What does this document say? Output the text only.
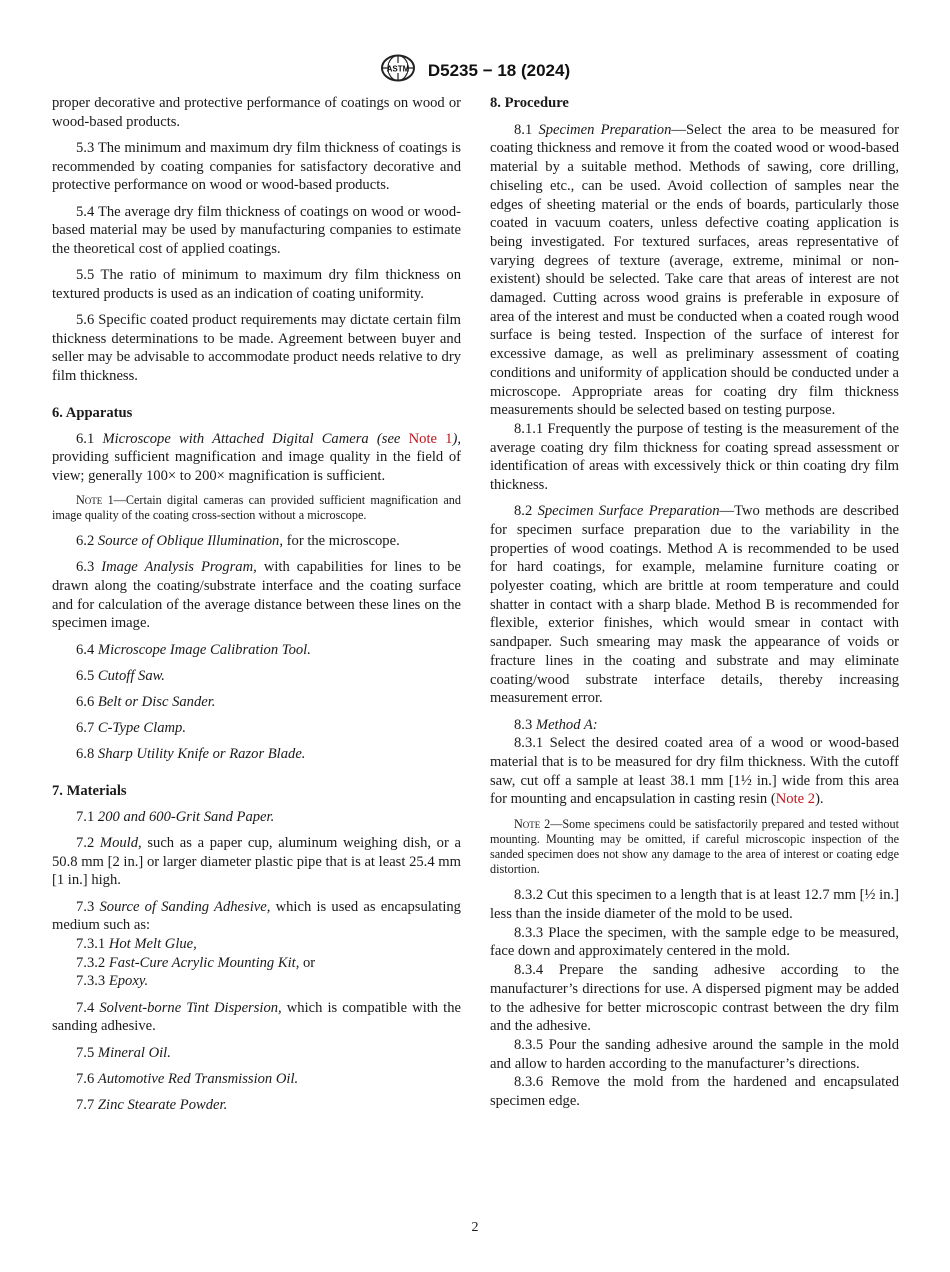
ASTM D5235 − 18 (2024)

proper decorative and protective performance of coatings on wood or wood-based products.

5.3 The minimum and maximum dry film thickness of coatings is recommended by coating companies for satisfactory decorative and protective performance on wood or wood-based products.

5.4 The average dry film thickness of coatings on wood or wood-based material may be used by manufacturing companies to estimate the theoretical cost of applied coatings.

5.5 The ratio of minimum to maximum dry film thickness on textured products is used as an indication of coating uniformity.

5.6 Specific coated product requirements may dictate certain film thickness determinations to be made. Agreement between buyer and seller may be advisable to accommodate product needs relative to dry film thickness.

6. Apparatus

6.1 Microscope with Attached Digital Camera (see Note 1), providing sufficient magnification and image quality in the field of view; generally 100× to 200× magnification is sufficient.

Note 1—Certain digital cameras can provided sufficient magnification and image quality of the coating cross-section without a microscope.

6.2 Source of Oblique Illumination, for the microscope.

6.3 Image Analysis Program, with capabilities for lines to be drawn along the coating/substrate interface and the coating surface and for calculation of the average distance between these lines on the specimen image.

6.4 Microscope Image Calibration Tool.

6.5 Cutoff Saw.

6.6 Belt or Disc Sander.

6.7 C-Type Clamp.

6.8 Sharp Utility Knife or Razor Blade.

7. Materials

7.1 200 and 600-Grit Sand Paper.

7.2 Mould, such as a paper cup, aluminum weighing dish, or a 50.8 mm [2 in.] or larger diameter plastic pipe that is at least 25.4 mm [1 in.] high.

7.3 Source of Sanding Adhesive, which is used as encapsulating medium such as:

7.3.1 Hot Melt Glue,

7.3.2 Fast-Cure Acrylic Mounting Kit, or

7.3.3 Epoxy.

7.4 Solvent-borne Tint Dispersion, which is compatible with the sanding adhesive.

7.5 Mineral Oil.

7.6 Automotive Red Transmission Oil.

7.7 Zinc Stearate Powder.

8. Procedure

8.1 Specimen Preparation—Select the area to be measured for coating thickness and remove it from the coated wood or wood-based material by a suitable method. Methods of sawing, core drilling, chiseling etc., can be used. Avoid collection of samples near the edges of sheeting material or the ends of boards, particularly those coated in vacuum coaters, unless defective coating application is being investigated. For textured surfaces, areas representative of varying degrees of texture (average, extreme, minimal or non-existent) should be selected. Take care that areas of interest are not damaged. Cutting across wood grains is preferable in exposure of area of the interest and must be conducted when a coated rough wood surface is being tested. Inspection of the surface of interest for excessive damage, as well as preliminary assessment of coating conditions and uniformity of application should be conducted under a microscope. Appropriate areas for coating dry film thickness measurements should be selected based on testing purpose.

8.1.1 Frequently the purpose of testing is the measurement of the average coating dry film thickness for coating spread assessment or identification of areas with excessively thick or thin coating dry film thickness.

8.2 Specimen Surface Preparation—Two methods are described for specimen surface preparation due to the variability in the properties of wood coatings. Method A is recommended to be used for hard coatings, for example, melamine furniture coating or polyester coating, which are brittle at room temperature and could shatter in contact with a sharp blade. Method B is recommended for flexible, exterior finishes, which would smear in contact with sandpaper. Such smearing may mask the appearance of voids or fracture lines in the coating and substrate and may eliminate coating/wood substrate interface details, thereby increasing measurement error.

8.3 Method A:

8.3.1 Select the desired coated area of a wood or wood-based material that is to be measured for dry film thickness. With the cutoff saw, cut off a sample at least 38.1 mm [1½ in.] wide from this area for mounting and encapsulation in casting resin (Note 2).

Note 2—Some specimens could be satisfactorily prepared and tested without mounting. Mounting may be omitted, if careful microscopic inspection of the sanded specimen does not show any damage to the area of interest or coating edge distortion.

8.3.2 Cut this specimen to a length that is at least 12.7 mm [½ in.] less than the inside diameter of the mold to be used.

8.3.3 Place the specimen, with the sample edge to be measured, face down and approximately centered in the mold.

8.3.4 Prepare the sanding adhesive according to the manufacturer’s directions for use. A dispersed pigment may be added to the adhesive for better microscopic contrast between the dry film and the adhesive.

8.3.5 Pour the sanding adhesive around the sample in the mold and allow to harden according to the manufacturer’s directions.

8.3.6 Remove the mold from the hardened and encapsulated specimen edge.

2
